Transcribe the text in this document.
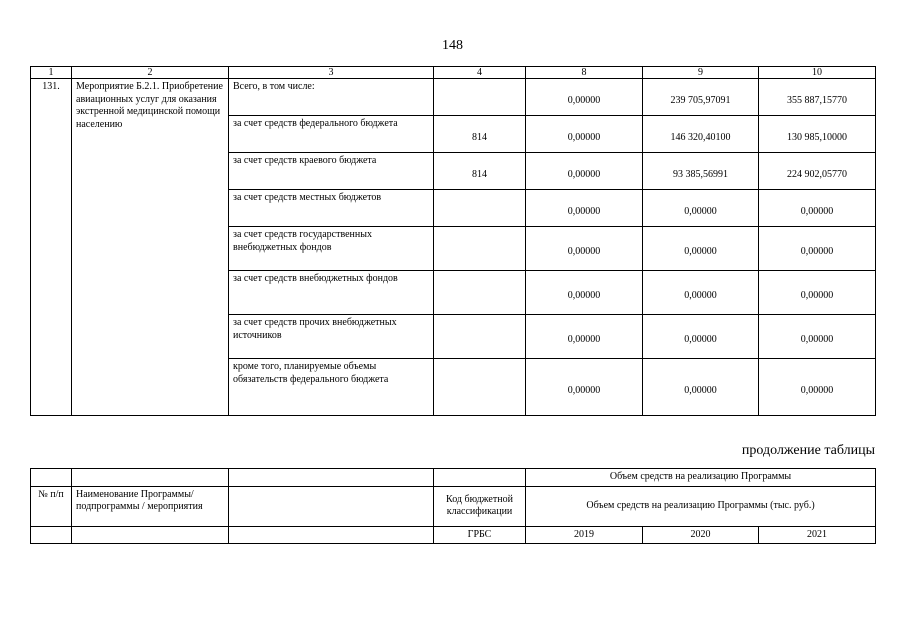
148
1	2	3	4	8	9	10
131.	Мероприятие Б.2.1. Приобретение авиационных услуг для оказания экстренной медицинской помощи населению	Всего, в том числе:		0,00000	239 705,97091	355 887,15770
		за счет средств федерального бюджета	814	0,00000	146 320,40100	130 985,10000
		за счет средств краевого бюджета	814	0,00000	93 385,56991	224 902,05770
		за счет средств местных бюджетов		0,00000	0,00000	0,00000
		за счет средств государственных внебюджетных фондов		0,00000	0,00000	0,00000
		за счет средств внебюджетных фондов		0,00000	0,00000	0,00000
		за счет средств прочих внебюджетных источников		0,00000	0,00000	0,00000
		кроме того, планируемые объемы обязательств федерального бюджета		0,00000	0,00000	0,00000
продолжение таблицы
				Объем средств на реализацию Программы		
№ п/п	Наименование Программы/ подпрограммы / мероприятия		Код бюджетной классификации	Объем средств на реализацию Программы (тыс. руб.)		
			ГРБС	2019	2020	2021
